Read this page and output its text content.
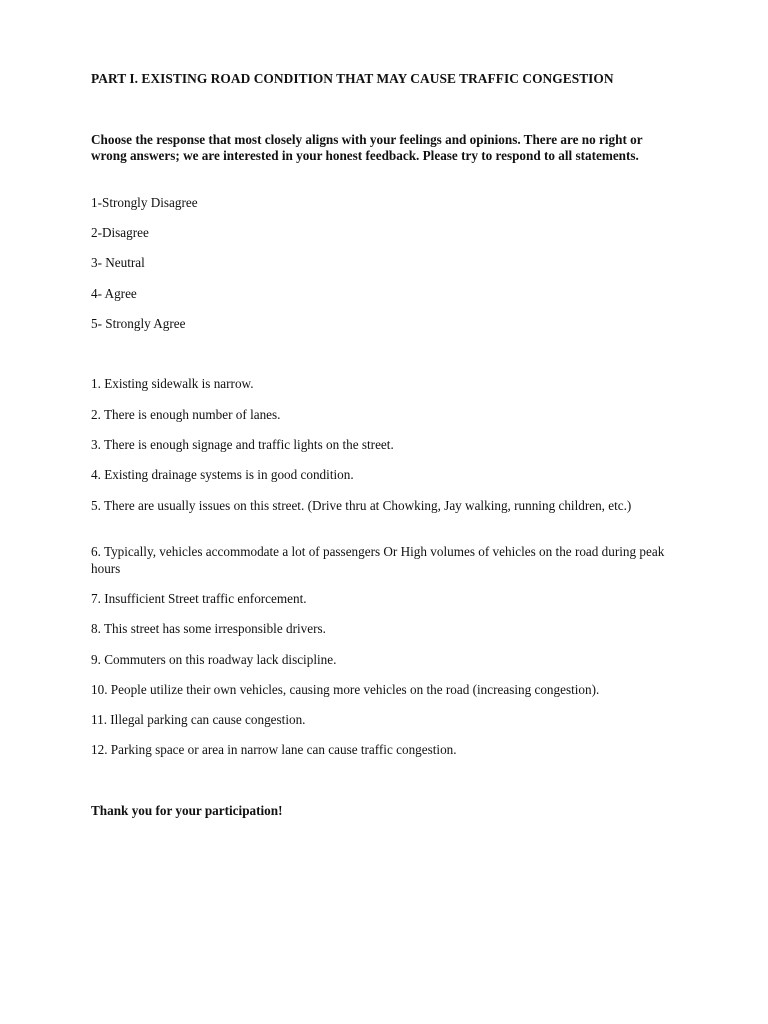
PART I. EXISTING ROAD CONDITION THAT MAY CAUSE TRAFFIC CONGESTION
Choose the response that most closely aligns with your feelings and opinions. There are no right or wrong answers; we are interested in your honest feedback. Please try to respond to all statements.
1-Strongly Disagree
2-Disagree
3- Neutral
4- Agree
5- Strongly Agree
1. Existing sidewalk is narrow.
2. There is enough number of lanes.
3. There is enough signage and traffic lights on the street.
4. Existing drainage systems is in good condition.
5. There are usually issues on this street. (Drive thru at Chowking, Jay walking, running children, etc.)
6. Typically, vehicles accommodate a lot of passengers Or High volumes of vehicles on the road during peak hours
7. Insufficient Street traffic enforcement.
8. This street has some irresponsible drivers.
9. Commuters on this roadway lack discipline.
10. People utilize their own vehicles, causing more vehicles on the road (increasing congestion).
11. Illegal parking can cause congestion.
12. Parking space or area in narrow lane can cause traffic congestion.
Thank you for your participation!
